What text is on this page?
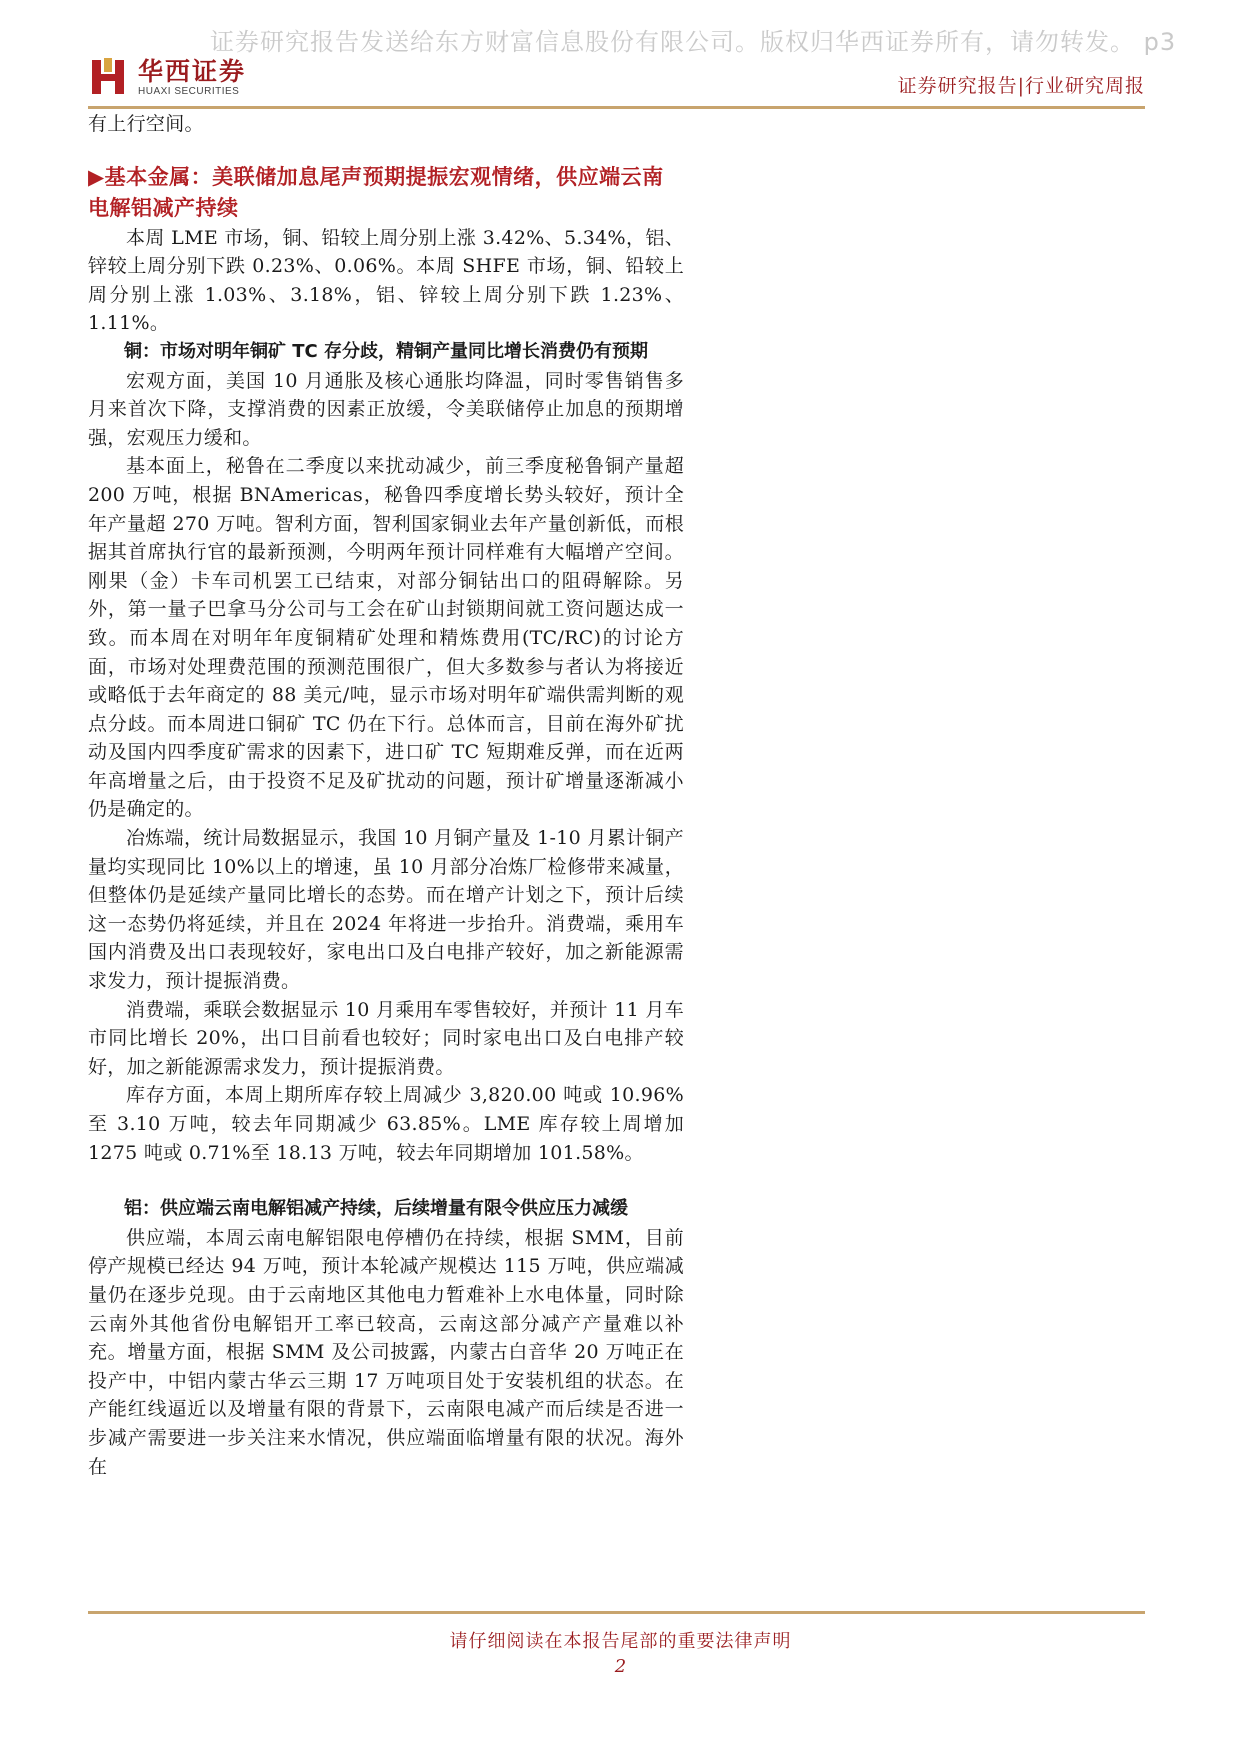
证券研究报告发送给东方财富信息股份有限公司。版权归华西证券所有，请勿转发。 p3
华西证券
HUAXI SECURITIES	证券研究报告|行业研究周报

有上行空间。

▶基本金属：美联储加息尾声预期提振宏观情绪，供应端云南电解铝减产持续

本周 LME 市场，铜、铅较上周分别上涨 3.42%、5.34%，铝、锌较上周分别下跌 0.23%、0.06%。本周 SHFE 市场，铜、铅较上周分别上涨 1.03%、3.18%，铝、锌较上周分别下跌 1.23%、1.11%。

铜：市场对明年铜矿 TC 存分歧，精铜产量同比增长消费仍有预期

宏观方面，美国 10 月通胀及核心通胀均降温，同时零售销售多月来首次下降，支撑消费的因素正放缓，令美联储停止加息的预期增强，宏观压力缓和。

基本面上，秘鲁在二季度以来扰动减少，前三季度秘鲁铜产量超 200 万吨，根据 BNAmericas，秘鲁四季度增长势头较好，预计全年产量超 270 万吨。智利方面，智利国家铜业去年产量创新低，而根据其首席执行官的最新预测，今明两年预计同样难有大幅增产空间。刚果（金）卡车司机罢工已结束，对部分铜钴出口的阻碍解除。另外，第一量子巴拿马分公司与工会在矿山封锁期间就工资问题达成一致。而本周在对明年年度铜精矿处理和精炼费用(TC/RC)的讨论方面，市场对处理费范围的预测范围很广，但大多数参与者认为将接近或略低于去年商定的 88 美元/吨，显示市场对明年矿端供需判断的观点分歧。而本周进口铜矿 TC 仍在下行。总体而言，目前在海外矿扰动及国内四季度矿需求的因素下，进口矿 TC 短期难反弹，而在近两年高增量之后，由于投资不足及矿扰动的问题，预计矿增量逐渐减小仍是确定的。

冶炼端，统计局数据显示，我国 10 月铜产量及 1-10 月累计铜产量均实现同比 10%以上的增速，虽 10 月部分冶炼厂检修带来减量，但整体仍是延续产量同比增长的态势。而在增产计划之下，预计后续这一态势仍将延续，并且在 2024 年将进一步抬升。消费端，乘用车国内消费及出口表现较好，家电出口及白电排产较好，加之新能源需求发力，预计提振消费。

消费端，乘联会数据显示 10 月乘用车零售较好，并预计 11 月车市同比增长 20%，出口目前看也较好；同时家电出口及白电排产较好，加之新能源需求发力，预计提振消费。

库存方面，本周上期所库存较上周减少 3,820.00 吨或 10.96%至 3.10 万吨，较去年同期减少 63.85%。LME 库存较上周增加 1275 吨或 0.71%至 18.13 万吨，较去年同期增加 101.58%。

铝：供应端云南电解铝减产持续，后续增量有限令供应压力减缓

供应端，本周云南电解铝限电停槽仍在持续，根据 SMM，目前停产规模已经达 94 万吨，预计本轮减产规模达 115 万吨，供应端减量仍在逐步兑现。由于云南地区其他电力暂难补上水电体量，同时除云南外其他省份电解铝开工率已较高，云南这部分减产产量难以补充。增量方面，根据 SMM 及公司披露，内蒙古白音华 20 万吨正在投产中，中铝内蒙古华云三期 17 万吨项目处于安装机组的状态。在产能红线逼近以及增量有限的背景下，云南限电减产而后续是否进一步减产需要进一步关注来水情况，供应端面临增量有限的状况。海外在

请仔细阅读在本报告尾部的重要法律声明
2
